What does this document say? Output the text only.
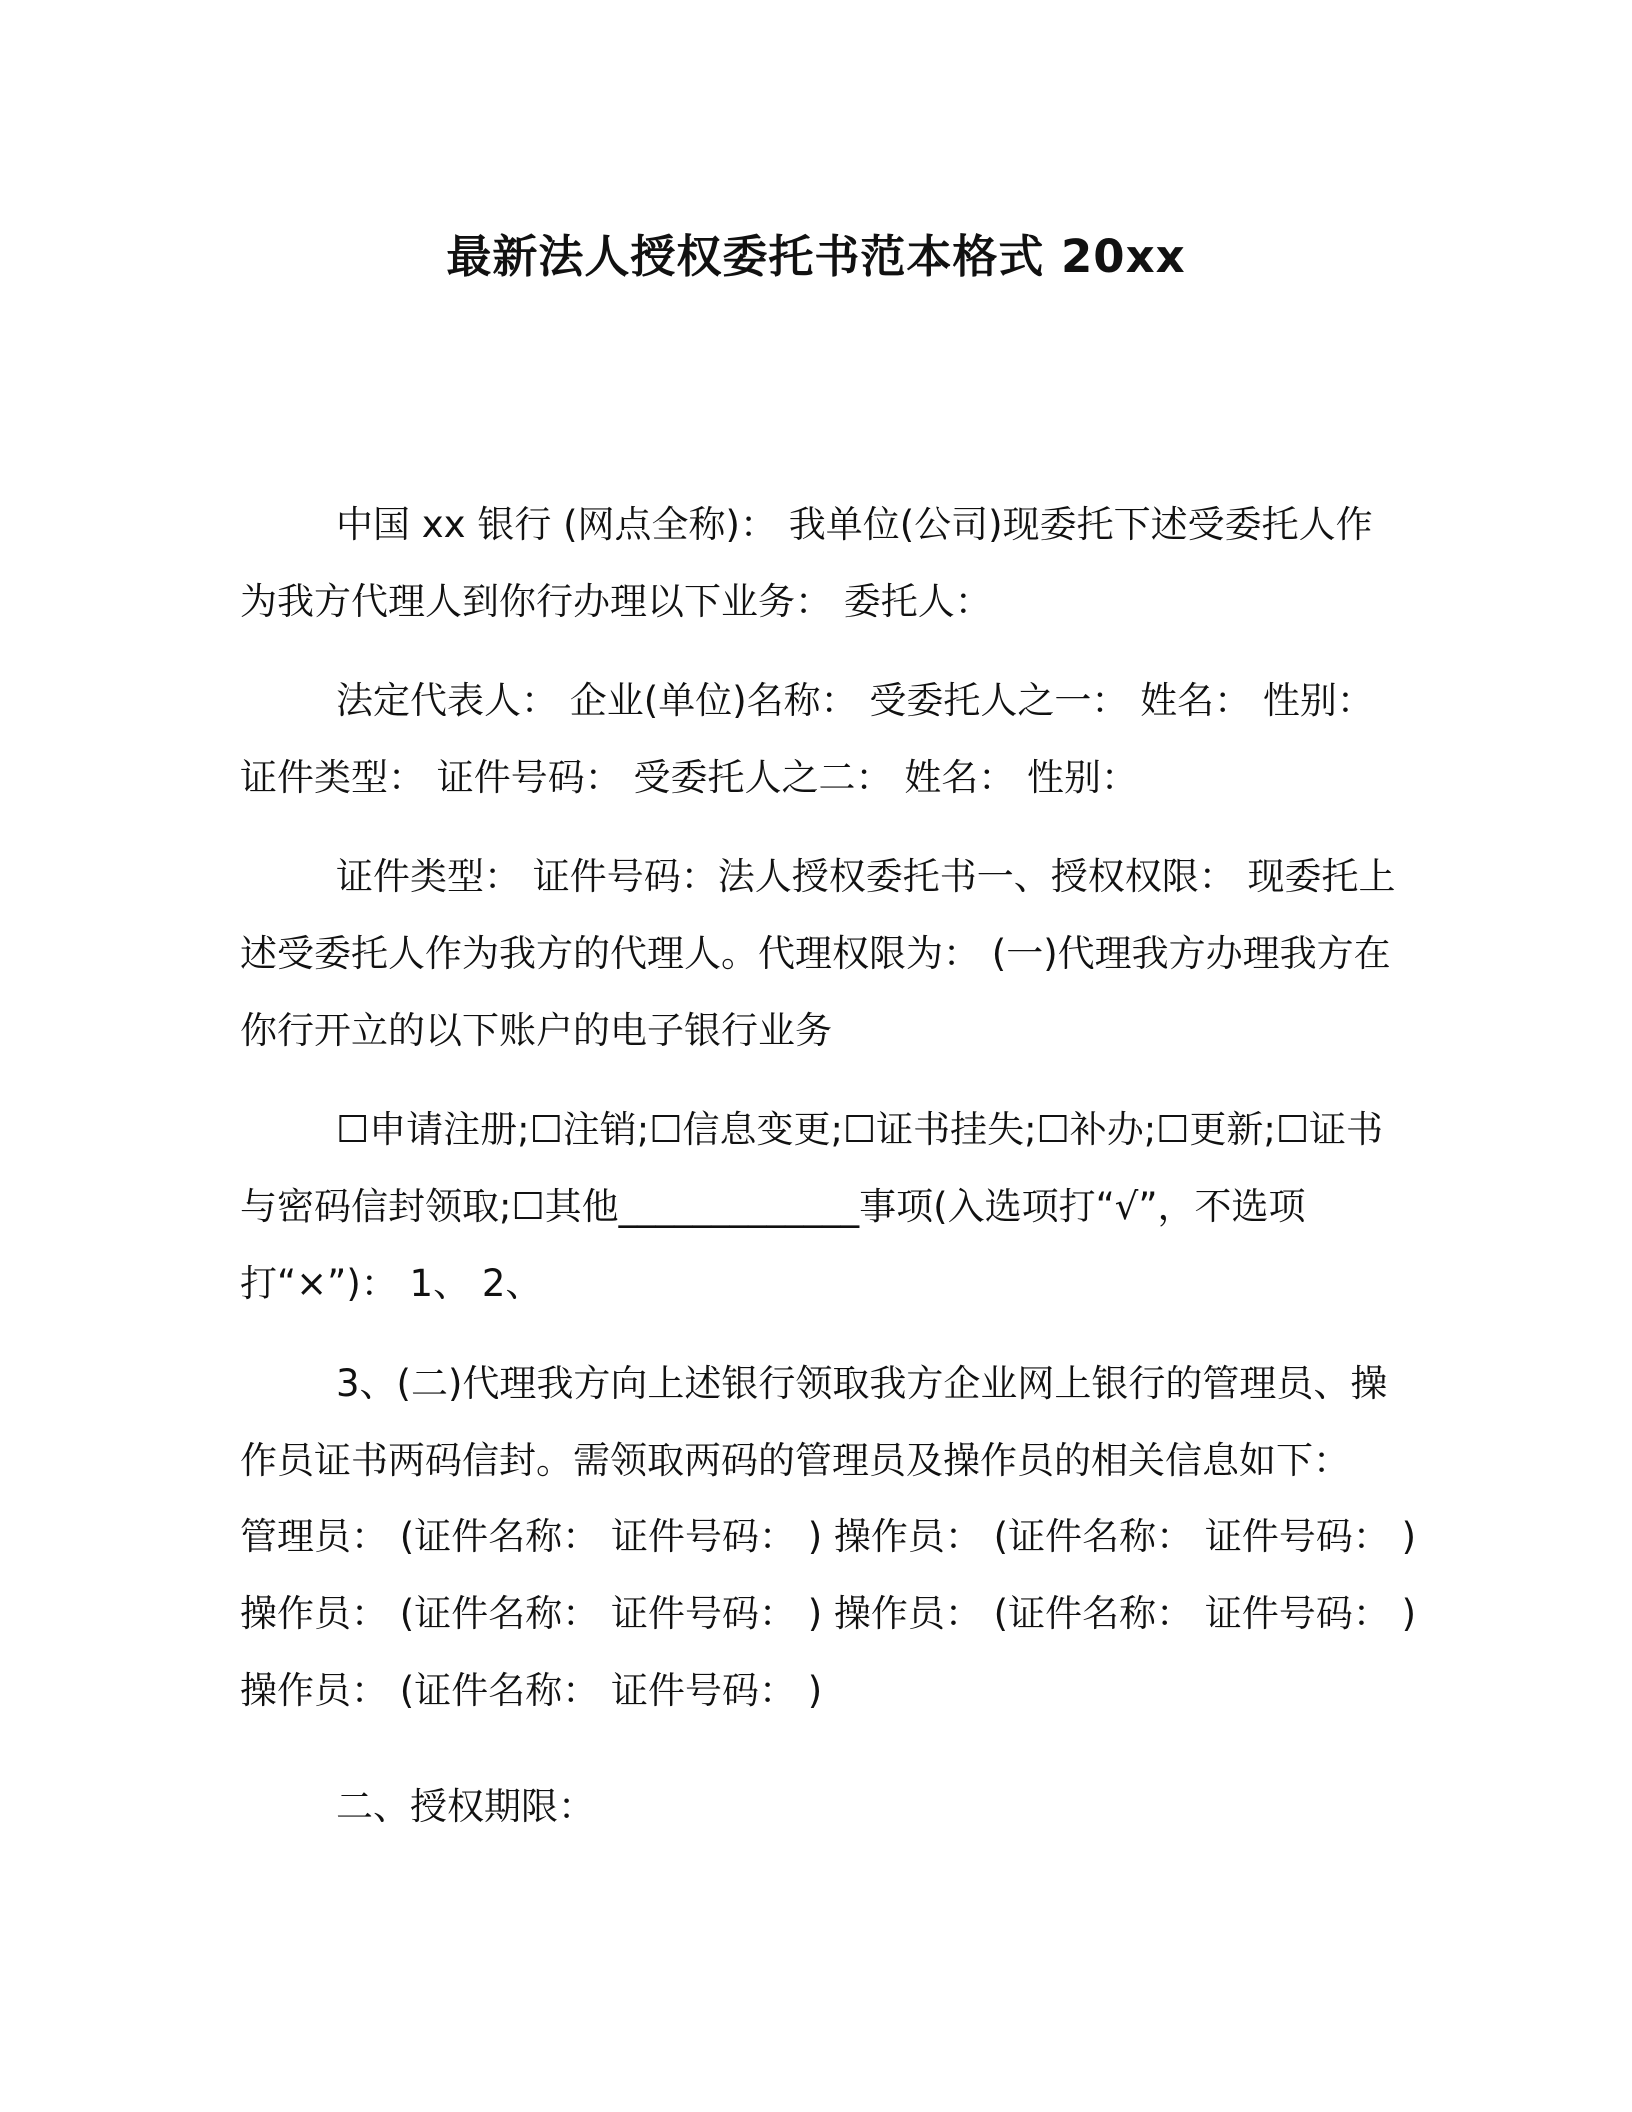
最新法人授权委托书范本格式 20xx

中国 xx 银行 (网点全称)： 我单位(公司)现委托下述受委托人作为我方代理人到你行办理以下业务： 委托人：

法定代表人： 企业(单位)名称： 受委托人之一： 姓名： 性别：证件类型： 证件号码： 受委托人之二： 姓名： 性别：

证件类型： 证件号码：法人授权委托书一、授权权限： 现委托上述受委托人作为我方的代理人。代理权限为： (一)代理我方办理我方在你行开立的以下账户的电子银行业务

☐申请注册;☐注销;☐信息变更;☐证书挂失;☐补办;☐更新;☐证书与密码信封领取;☐其他_____________事项(入选项打“√”，不选项打“×”)： 1、 2、

3、(二)代理我方向上述银行领取我方企业网上银行的管理员、操作员证书两码信封。需领取两码的管理员及操作员的相关信息如下：

管理员： (证件名称： 证件号码： ) 操作员： (证件名称： 证件号码： )

操作员： (证件名称： 证件号码： ) 操作员： (证件名称： 证件号码： )

操作员： (证件名称： 证件号码： )

二、授权期限：
